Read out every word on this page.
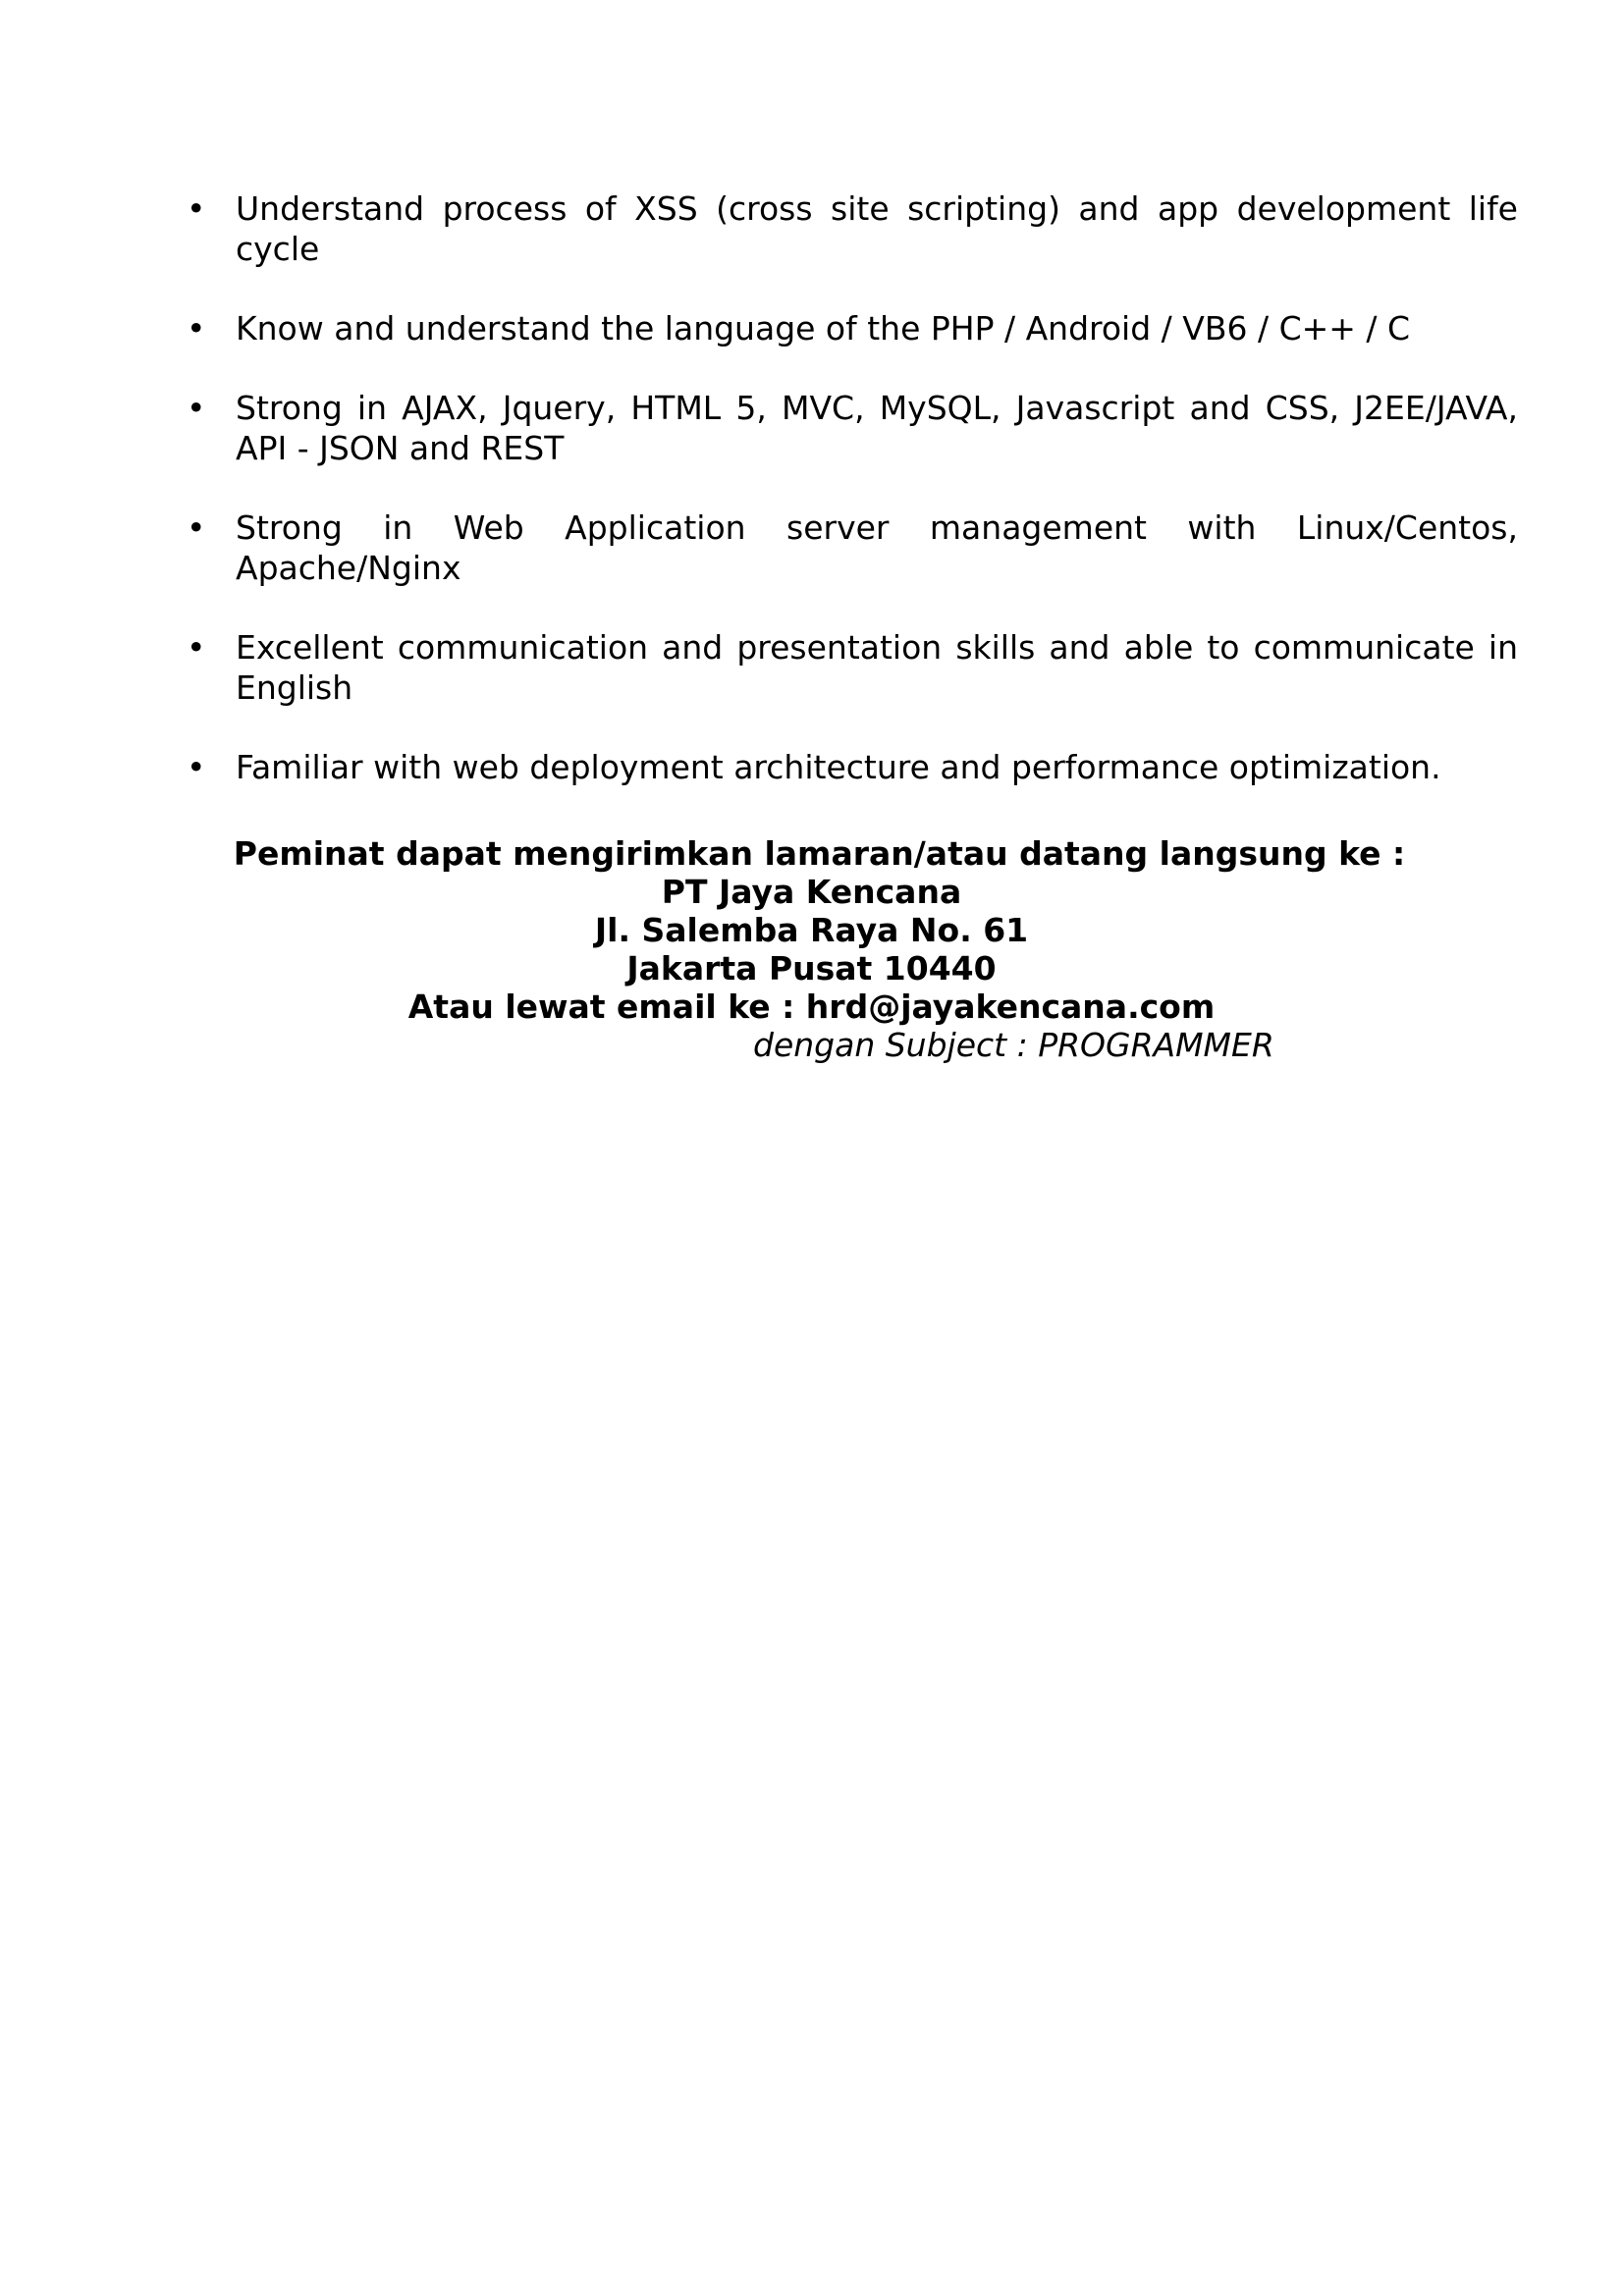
• Understand process of XSS (cross site scripting) and app development life cycle
• Know and understand the language of the PHP / Android / VB6 / C++ / C
• Strong in AJAX, Jquery, HTML 5, MVC, MySQL, Javascript and CSS, J2EE/JAVA, API - JSON and REST
• Strong in Web Application server management with Linux/Centos, Apache/Nginx
• Excellent communication and presentation skills and able to communicate in English
• Familiar with web deployment architecture and performance optimization.
Peminat dapat mengirimkan lamaran/atau datang langsung ke :
PT Jaya Kencana
Jl. Salemba Raya No. 61
Jakarta Pusat 10440
Atau lewat email ke : hrd@jayakencana.com
dengan Subject : PROGRAMMER
